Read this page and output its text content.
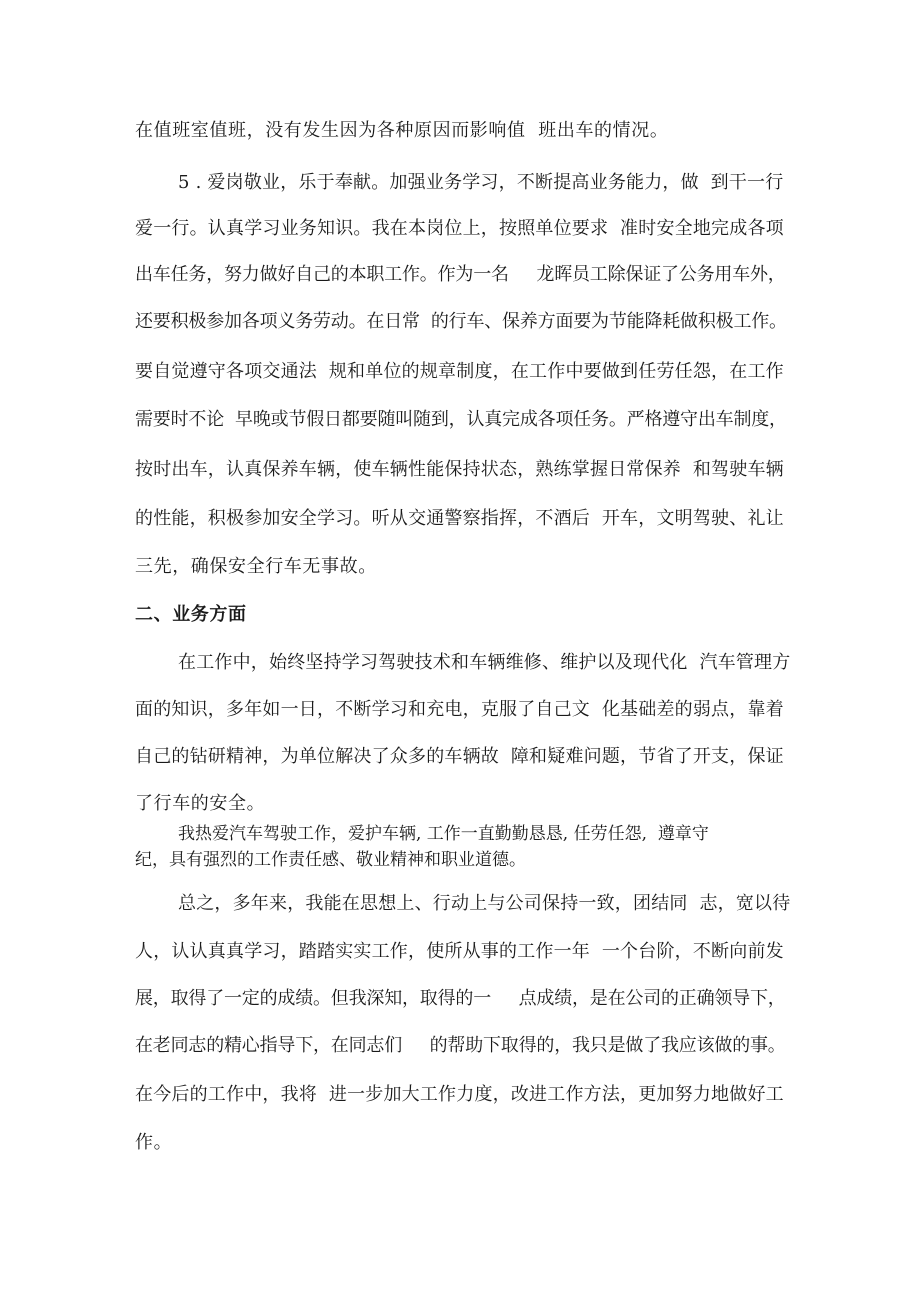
在值班室值班，没有发生因为各种原因而影响值  班出车的情况。
5 . 爱岗敬业，乐于奉献。加强业务学习，不断提高业务能力，做  到干一行
爱一行。认真学习业务知识。我在本岗位上，按照单位要求  准时安全地完成各项
出车任务，努力做好自己的本职工作。作为一名     龙晖员工除保证了公务用车外，
还要积极参加各项义务劳动。在日常  的行车、保养方面要为节能降耗做积极工作。
要自觉遵守各项交通法  规和单位的规章制度，在工作中要做到任劳任怨，在工作
需要时不论  早晚或节假日都要随叫随到，认真完成各项任务。严格遵守出车制度，
按时出车，认真保养车辆，使车辆性能保持状态，熟练掌握日常保养  和驾驶车辆
的性能，积极参加安全学习。听从交通警察指挥，不酒后  开车，文明驾驶、礼让
三先，确保安全行车无事故。
二、业务方面
在工作中，始终坚持学习驾驶技术和车辆维修、维护以及现代化  汽车管理方
面的知识，多年如一日，不断学习和充电，克服了自己文  化基础差的弱点，靠着
自己的钻研精神，为单位解决了众多的车辆故  障和疑难问题，节省了开支，保证
了行车的安全。
我热爱汽车驾驶工作，爱护车辆, 工作一直勤勤恳恳, 任劳任怨,  遵章守
纪，具有强烈的工作责任感、敬业精神和职业道德。
总之，多年来，我能在思想上、行动上与公司保持一致，团结同  志，宽以待
人，认认真真学习，踏踏实实工作，使所从事的工作一年  一个台阶，不断向前发
展，取得了一定的成绩。但我深知，取得的一     点成绩，是在公司的正确领导下，
在老同志的精心指导下，在同志们     的帮助下取得的，我只是做了我应该做的事。
在今后的工作中，我将  进一步加大工作力度，改进工作方法，更加努力地做好工
作。
